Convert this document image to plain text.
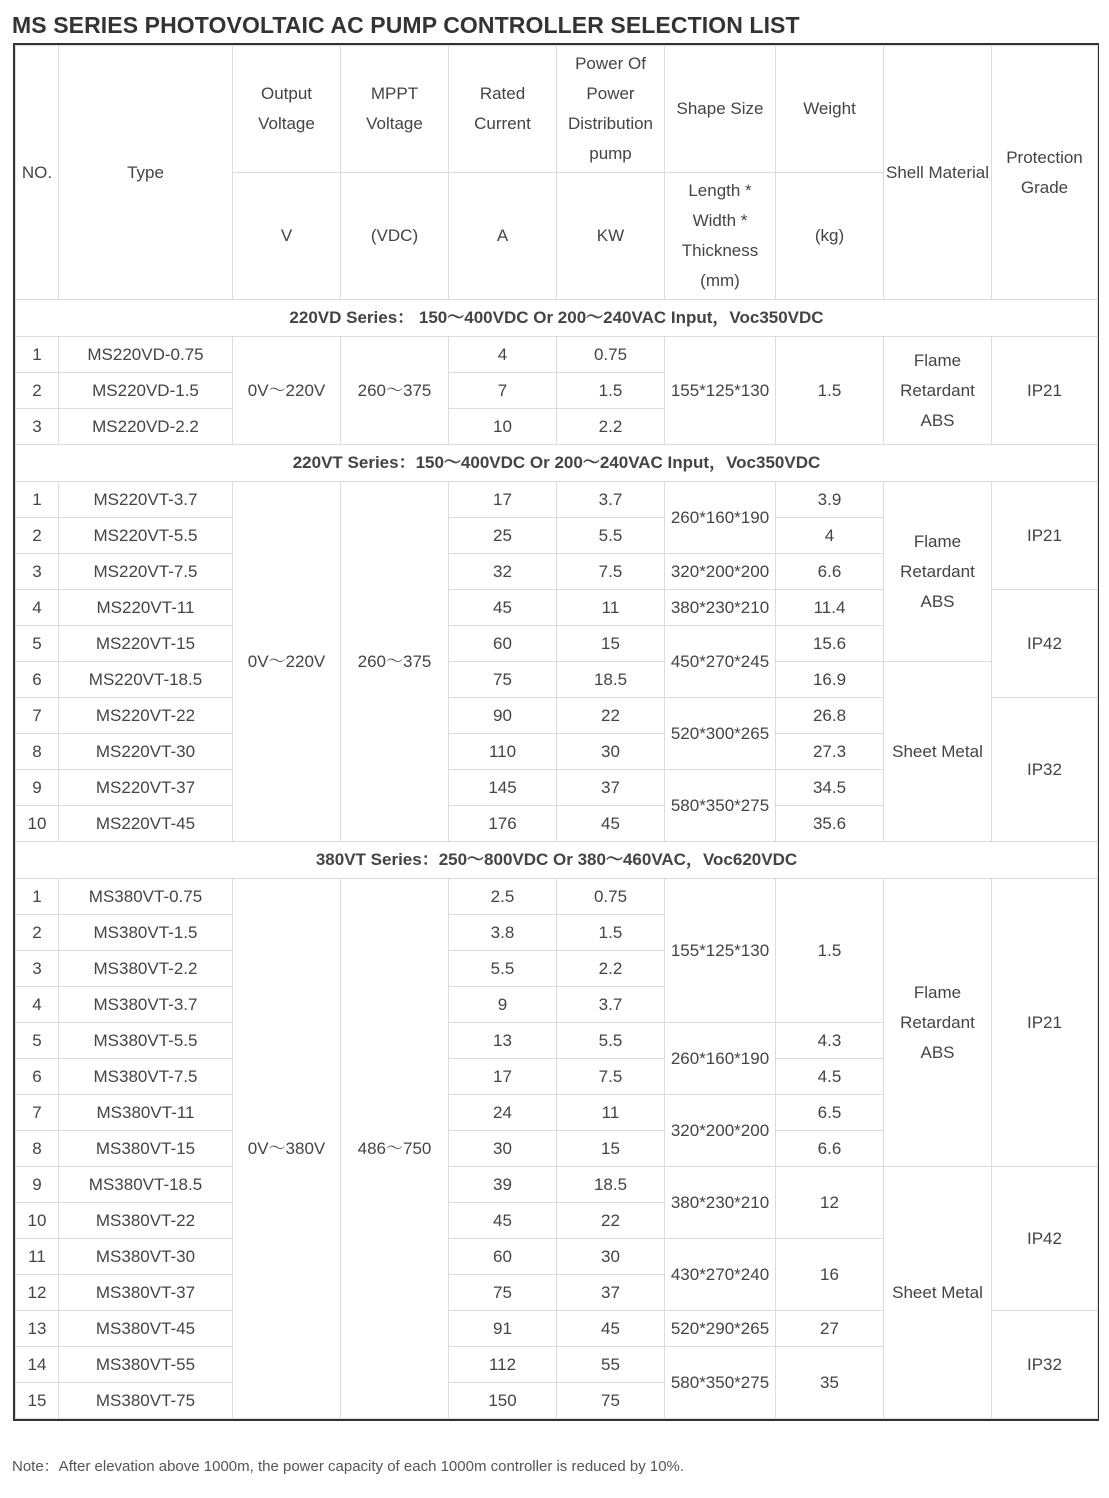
MS SERIES PHOTOVOLTAIC AC PUMP CONTROLLER SELECTION LIST
NO.	Type	Output Voltage	MPPT Voltage	Rated Current	Power Of Power Distribution pump	Shape Size	Weight	Shell Material	Protection Grade
		V	(VDC)	A	KW	Length * Width * Thickness (mm)	(kg)		
220VD Series： 150～400VDC Or 200～240VAC Input，Voc350VDC									
1	MS220VD-0.75	0V～220V	260～375	4	0.75	155*125*130	1.5	Flame Retardant ABS	IP21
2	MS220VD-1.5			7	1.5				
3	MS220VD-2.2			10	2.2				
220VT Series：150～400VDC Or 200～240VAC Input，Voc350VDC									
1	MS220VT-3.7	0V～220V	260～375	17	3.7	260*160*190	3.9	Flame Retardant ABS	IP21
2	MS220VT-5.5			25	5.5		4		
3	MS220VT-7.5			32	7.5	320*200*200	6.6		
4	MS220VT-11			45	11	380*230*210	11.4		IP42
5	MS220VT-15			60	15	450*270*245	15.6		
6	MS220VT-18.5			75	18.5		16.9	Sheet Metal	
7	MS220VT-22			90	22	520*300*265	26.8		IP32
8	MS220VT-30			110	30		27.3		
9	MS220VT-37			145	37	580*350*275	34.5		
10	MS220VT-45			176	45		35.6		
380VT Series：250～800VDC Or 380～460VAC，Voc620VDC									
1	MS380VT-0.75	0V～380V	486～750	2.5	0.75	155*125*130	1.5	Flame Retardant ABS	IP21
2	MS380VT-1.5			3.8	1.5				
3	MS380VT-2.2			5.5	2.2				
4	MS380VT-3.7			9	3.7				
5	MS380VT-5.5			13	5.5	260*160*190	4.3		
6	MS380VT-7.5			17	7.5		4.5		
7	MS380VT-11			24	11	320*200*200	6.5		
8	MS380VT-15			30	15		6.6		
9	MS380VT-18.5			39	18.5	380*230*210	12	Sheet Metal	IP42
10	MS380VT-22			45	22				
11	MS380VT-30			60	30	430*270*240	16		
12	MS380VT-37			75	37				
13	MS380VT-45			91	45	520*290*265	27		IP32
14	MS380VT-55			112	55	580*350*275	35		
15	MS380VT-75			150	75				
Note：After elevation above 1000m, the power capacity of each 1000m controller is reduced by 10%.
